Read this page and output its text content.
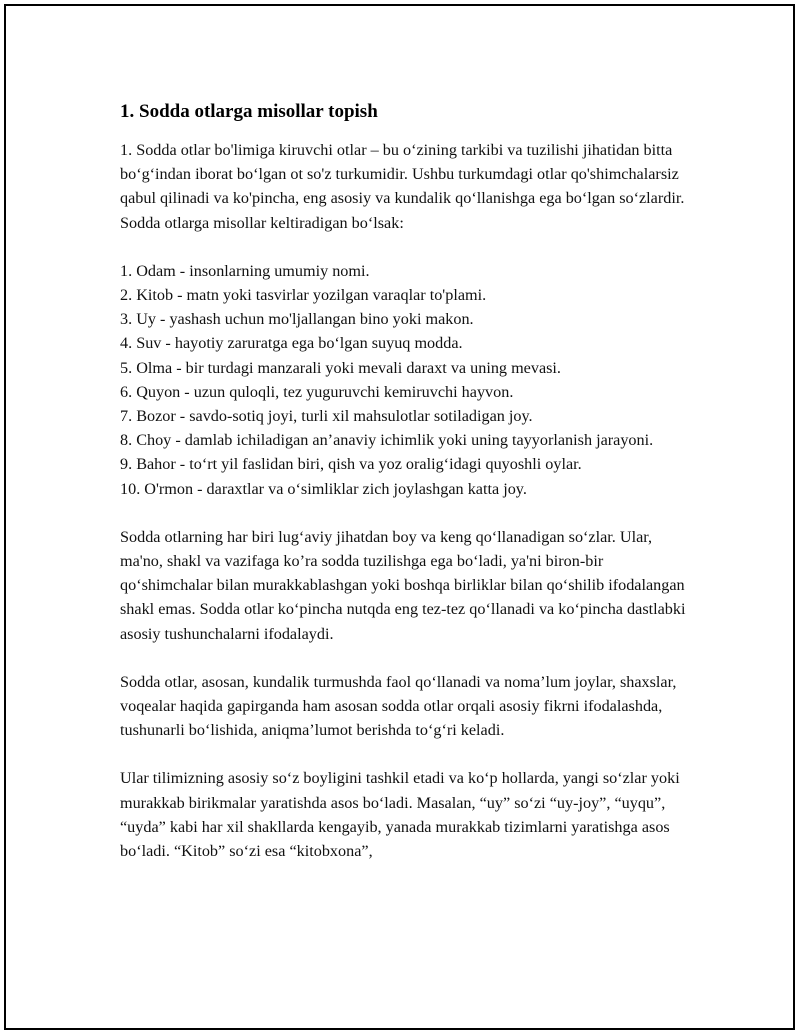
1. Sodda otlarga misollar topish

1. Sodda otlar bo'limiga kiruvchi otlar – bu o‘zining tarkibi va tuzilishi jihatidan bitta bo‘g‘indan iborat bo‘lgan ot so'z turkumidir. Ushbu turkumdagi otlar qo'shimchalarsiz qabul qilinadi va ko'pincha, eng asosiy va kundalik qo‘llanishga ega bo‘lgan so‘zlardir. Sodda otlarga misollar keltiradigan bo‘lsak:

1. Odam - insonlarning umumiy nomi.
2. Kitob - matn yoki tasvirlar yozilgan varaqlar to'plami.
3. Uy - yashash uchun mo'ljallangan bino yoki makon.
4. Suv - hayotiy zaruratga ega bo‘lgan suyuq modda.
5. Olma - bir turdagi manzarali yoki mevali daraxt va uning mevasi.
6. Quyon - uzun quloqli, tez yuguruvchi kemiruvchi hayvon.
7. Bozor - savdo-sotiq joyi, turli xil mahsulotlar sotiladigan joy.
8. Choy - damlab ichiladigan an’anaviy ichimlik yoki uning tayyorlanish jarayoni.
9. Bahor - to‘rt yil faslidan biri, qish va yoz oralig‘idagi quyoshli oylar.
10. O'rmon - daraxtlar va o‘simliklar zich joylashgan katta joy.

Sodda otlarning har biri lug‘aviy jihatdan boy va keng qo‘llanadigan so‘zlar. Ular, ma'no, shakl va vazifaga ko’ra sodda tuzilishga ega bo‘ladi, ya'ni biron-bir qo‘shimchalar bilan murakkablashgan yoki boshqa birliklar bilan qo‘shilib ifodalangan shakl emas. Sodda otlar ko‘pincha nutqda eng tez-tez qo‘llanadi va ko‘pincha dastlabki asosiy tushunchalarni ifodalaydi.

Sodda otlar, asosan, kundalik turmushda faol qo‘llanadi va noma’lum joylar, shaxslar, voqealar haqida gapirganda ham asosan sodda otlar orqali asosiy fikrni ifodalashda, tushunarli bo‘lishida, aniqma’lumot berishda to‘g‘ri keladi.

Ular tilimizning asosiy so‘z boyligini tashkil etadi va ko‘p hollarda, yangi so‘zlar yoki murakkab birikmalar yaratishda asos bo‘ladi. Masalan, “uy” so‘zi “uy-joy”, “uyqu”, “uyda” kabi har xil shakllarda kengayib, yanada murakkab tizimlarni yaratishga asos bo‘ladi. “Kitob” so‘zi esa “kitobxona”,
